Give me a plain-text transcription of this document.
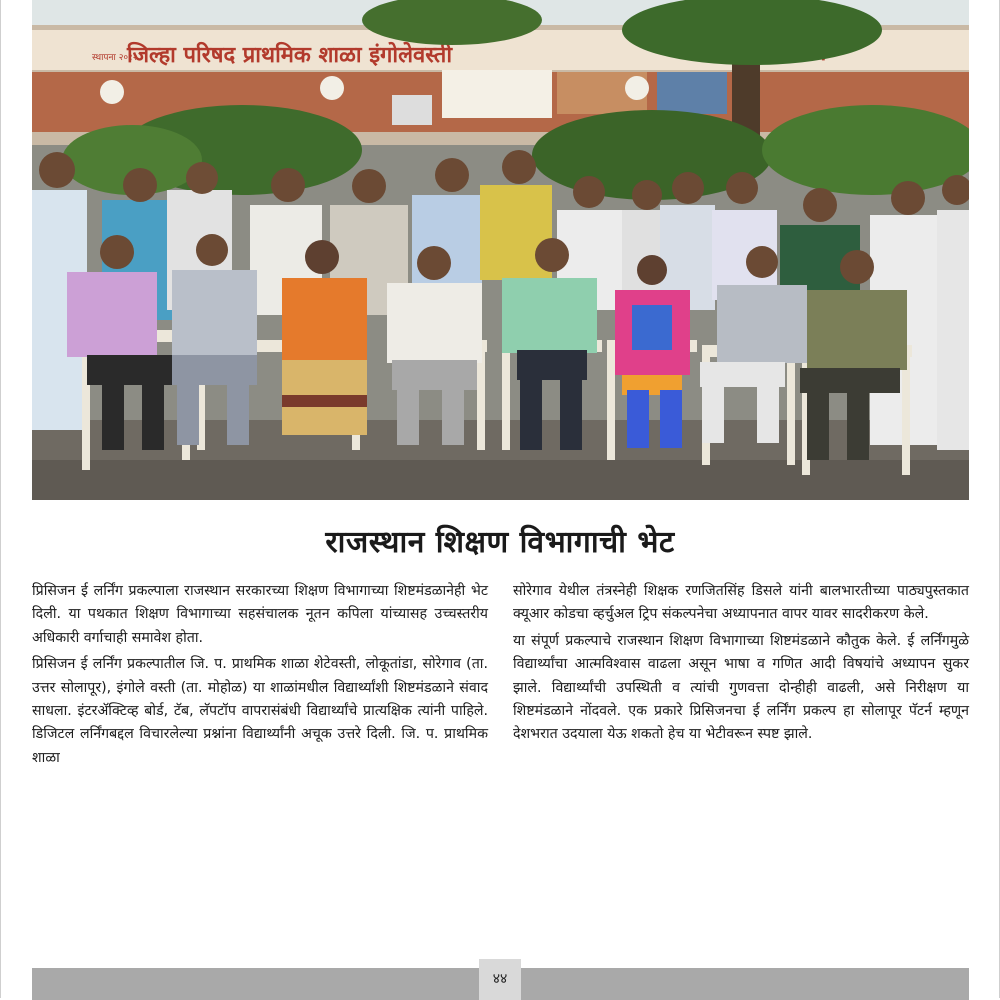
जिल्हा परिषद प्राथमिक शाळा इंगोलेवस्ती
स्थापना २०१२
राजस्थान शिक्षण विभागाची भेट

प्रिसिजन ई लर्निंग प्रकल्पाला राजस्थान सरकारच्या शिक्षण विभागाच्या शिष्टमंडळानेही भेट दिली. या पथकात शिक्षण विभागाच्या सहसंचालक नूतन कपिला यांच्यासह उच्चस्तरीय अधिकारी वर्गाचाही समावेश होता.

प्रिसिजन ई लर्निंग प्रकल्पातील जि. प. प्राथमिक शाळा शेटेवस्ती, लोकूतांडा, सोरेगाव (ता. उत्तर सोलापूर), इंगोले वस्ती (ता. मोहोळ) या शाळांमधील विद्यार्थ्यांशी शिष्टमंडळाने संवाद साधला. इंटरॲक्टिव्ह बोर्ड, टॅब, लॅपटॉप वापरासंबंधी विद्यार्थ्यांचे प्रात्यक्षिक त्यांनी पाहिले. डिजिटल लर्निंगबद्दल विचारलेल्या प्रश्नांना विद्यार्थ्यांनी अचूक उत्तरे दिली. जि. प. प्राथमिक शाळा

सोरेगाव येथील तंत्रस्नेही शिक्षक रणजितसिंह डिसले यांनी बालभारतीच्या पाठ्यपुस्तकात क्यूआर कोडचा व्हर्चुअल ट्रिप संकल्पनेचा अध्यापनात वापर यावर सादरीकरण केले.

या संपूर्ण प्रकल्पाचे राजस्थान शिक्षण विभागाच्या शिष्टमंडळाने कौतुक केले. ई लर्निंगमुळे विद्यार्थ्यांचा आत्मविश्वास वाढला असून भाषा व गणित आदी विषयांचे अध्यापन सुकर झाले. विद्यार्थ्यांची उपस्थिती व त्यांची गुणवत्ता दोन्हीही वाढली, असे निरीक्षण या शिष्टमंडळाने नोंदवले. एक प्रकारे प्रिसिजनचा ई लर्निंग प्रकल्प हा सोलापूर पॅटर्न म्हणून देशभरात उदयाला येऊ शकतो हेच या भेटीवरून स्पष्ट झाले.

४४
